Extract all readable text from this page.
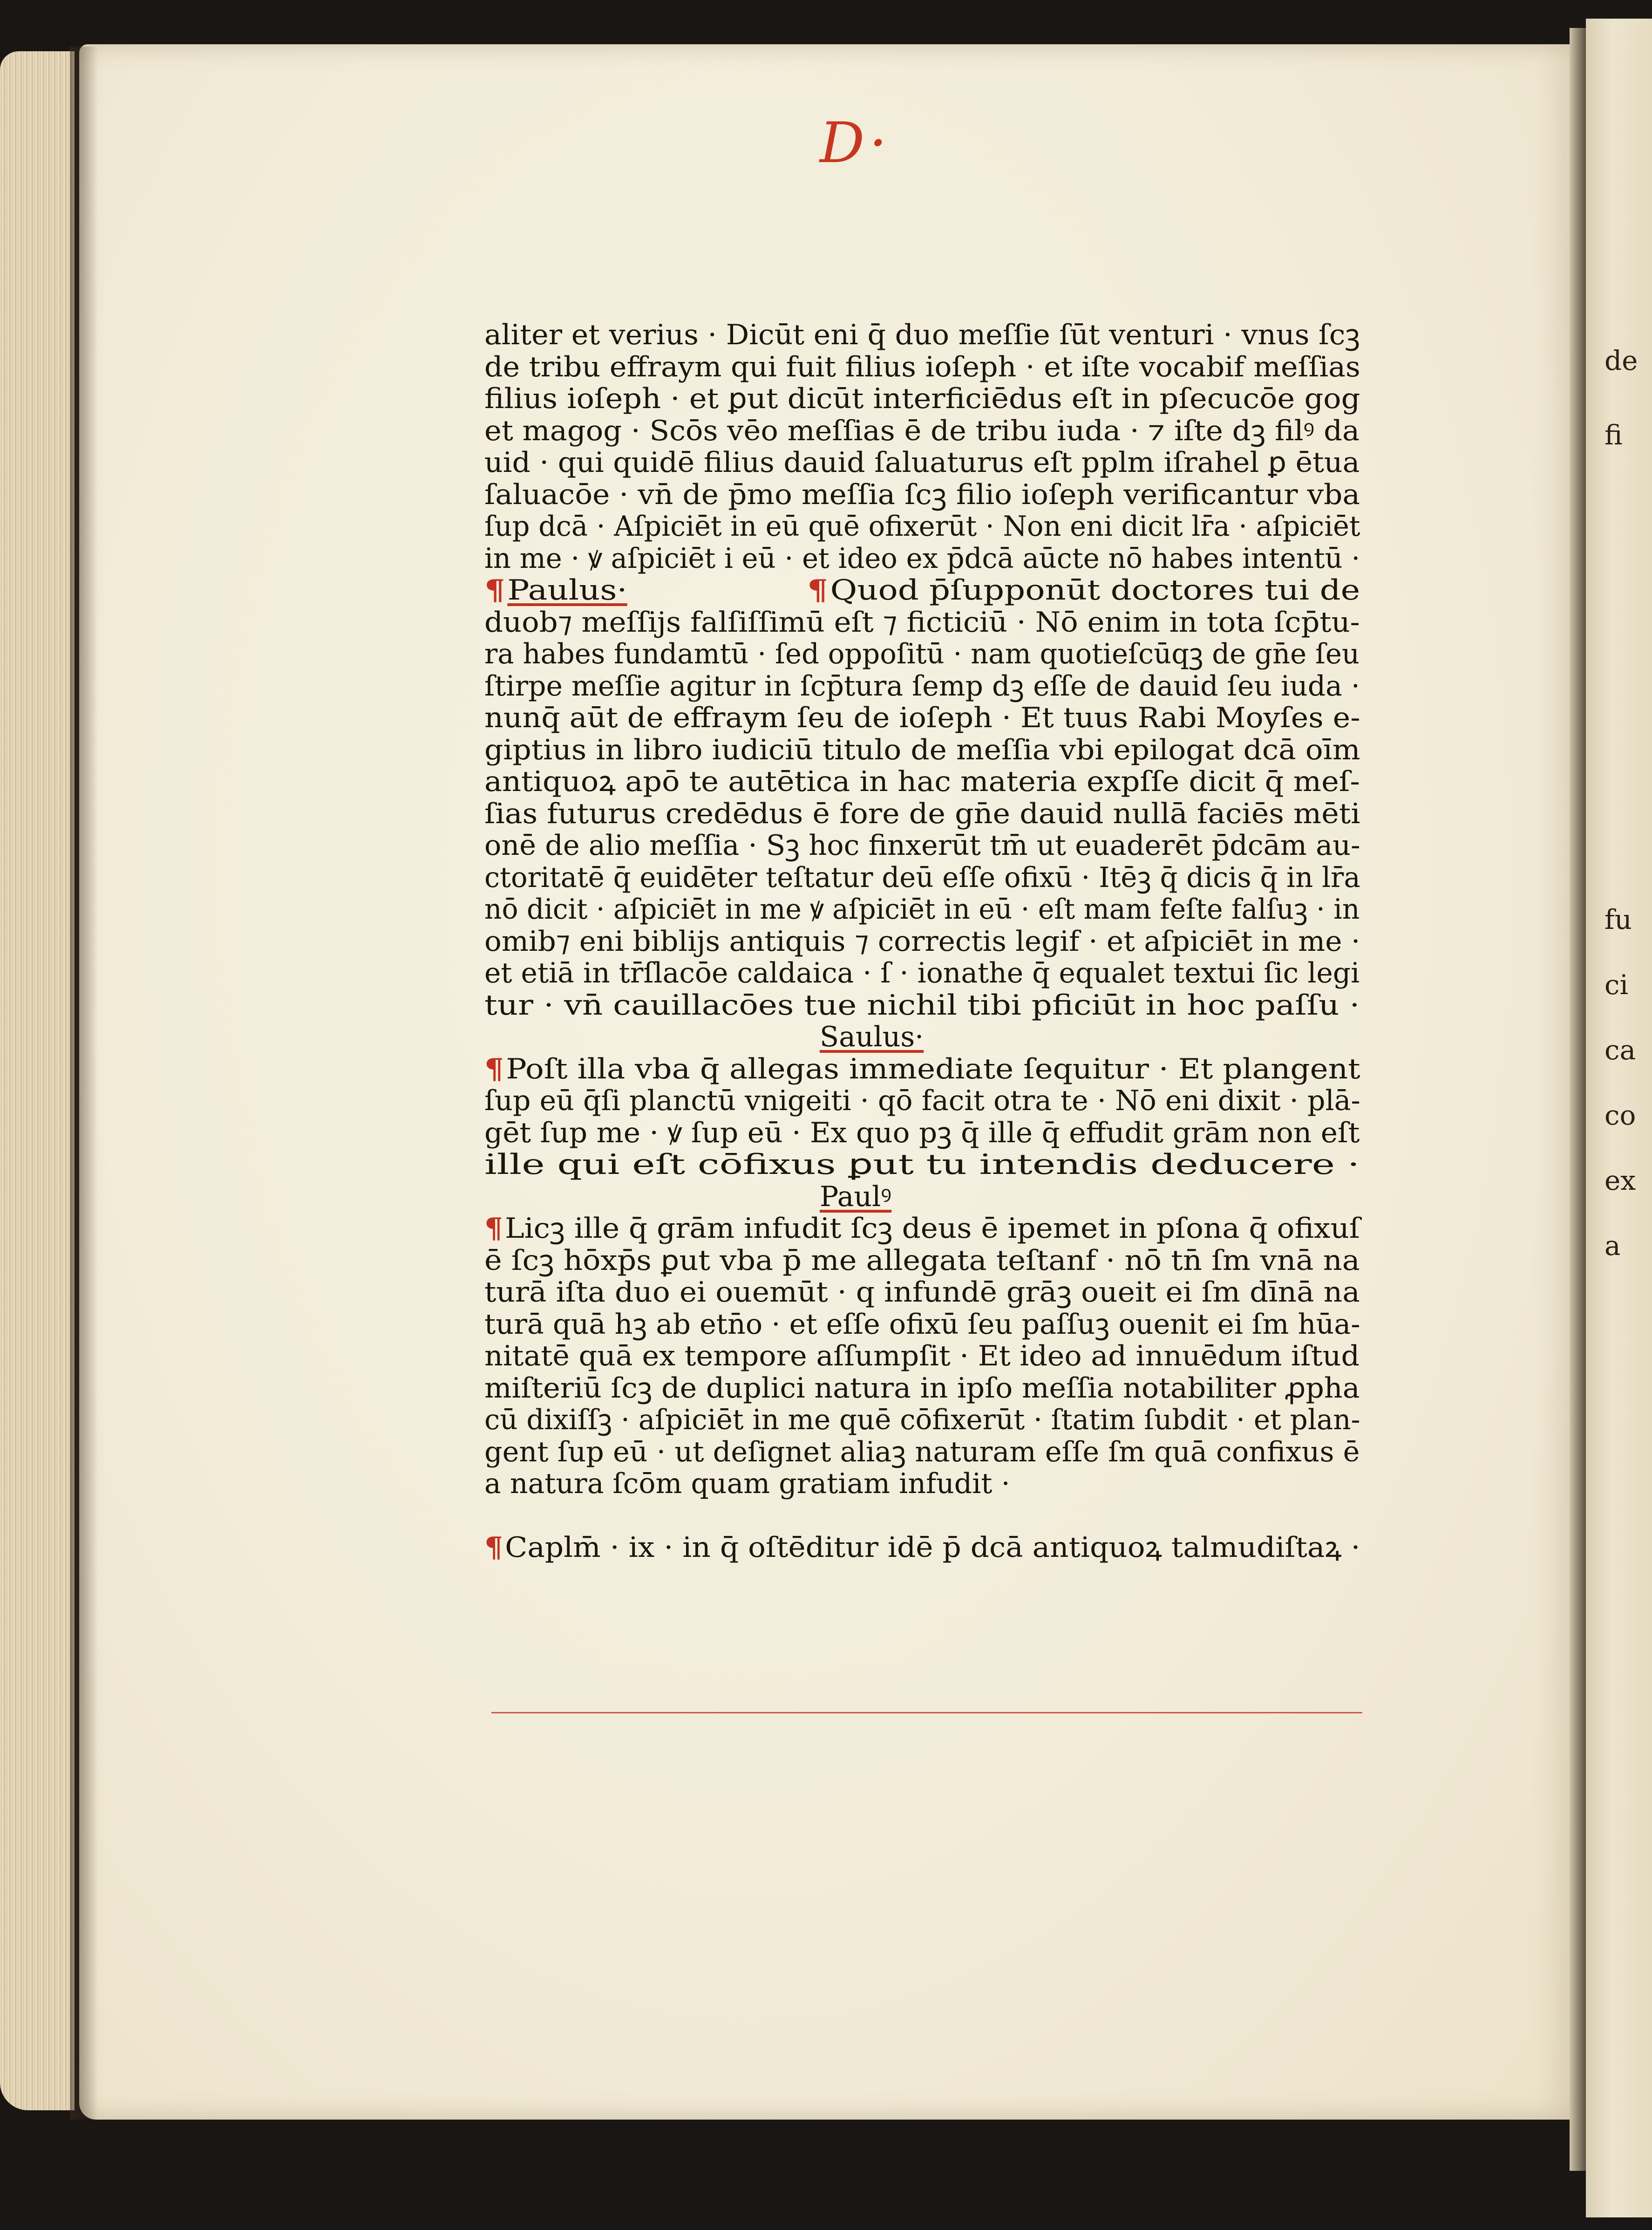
de
fi
fu
ci
ca
co
ex
a
D·
aliter et verius · Dicūt eni q̄ duo meſſie ſūt venturi · vnus ſcꝫ
de tribu effraym qui fuit filius ioſeph · et iſte vocabif meſſias
filius ioſeph · et ꝑut dicūt interficiēdus eſt in pſecucōe gog
et magog · Scōs vēo meſſias ē de tribu iuda · ⁊ iſte dꝫ filꝰ da
uid · qui quidē filius dauid ſaluaturus eſt pplm iſrahel ꝑ ētua
ſaluacōe · vn̄ de p̄mo meſſia ſcꝫ filio ioſeph verificantur vba
ſup dcā · Aſpiciēt in eū quē ofixerūt · Non eni dicit lr̄a · aſpiciēt
in me · ꝟ aſpiciēt i eū · et ideo ex p̄dcā aūcte nō habes intentū ·
¶Paulus·	¶Quod p̄ſupponūt doctores tui de
duob⁊ meſſijs falſiſſimū eſt ⁊ ficticiū · Nō enim in tota ſcp̄tu-
ra habes fundamtū · ſed oppoſitū · nam quotieſcūqꝫ de gn̄e ſeu
ſtirpe meſſie agitur in ſcp̄tura ſemp dꝫ eſſe de dauid ſeu iuda ·
nunq̄ aūt de effraym ſeu de ioſeph · Et tuus Rabi Moyſes e-
giptius in libro iudiciū titulo de meſſia vbi epilogat dcā oīm
antiquoꝝ apō te autētica in hac materia expſſe dicit q̄ meſ-
ſias futurus credēdus ē fore de gn̄e dauid nullā faciēs mēti
onē de alio meſſia · Sꝫ hoc finxerūt tm̄ ut euaderēt p̄dcām au-
ctoritatē q̄ euidēter teſtatur deū eſſe ofixū · Itēꝫ q̄ dicis q̄ in lr̄a
nō dicit · aſpiciēt in me ꝟ aſpiciēt in eū · eſt mam feſte falſuꝫ · in
omib⁊ eni biblijs antiquis ⁊ correctis legif · et aſpiciēt in me ·
et etiā in tr̄ſlacōe caldaica · ſ · ionathe q̄ equalet textui ſic legi
tur · vn̄ cauillacōes tue nichil tibi pficiūt in hoc paſſu ·
Saulus·
¶Poſt illa vba q̄ allegas immediate ſequitur · Et plangent
ſup eū q̄ſi planctū vnigeiti · qō facit otra te · Nō eni dixit · plā-
gēt ſup me · ꝟ ſup eū · Ex quo pꝫ q̄ ille q̄ effudit grām non eſt
ille qui eſt cōfixus ꝑut tu intendis deducere ·
Paulꝰ
¶Licꝫ ille q̄ grām infudit ſcꝫ deus ē ipemet in pſona q̄ ofixuſ
ē ſcꝫ hōxp̄s ꝑut vba p̄ me allegata teſtanf · nō tn̄ ſm vnā na
turā iſta duo ei ouemūt · q infundē grāꝫ oueit ei ſm dīnā na
turā quā hꝫ ab etn̄o · et eſſe ofixū ſeu paſſuꝫ ouenit ei ſm hūa-
nitatē quā ex tempore aſſumpſit · Et ideo ad innuēdum iſtud
miſteriū ſcꝫ de duplici natura in ipſo meſſia notabiliter ꝓpha
cū dixiſſꝫ · aſpiciēt in me quē cōfixerūt · ſtatim ſubdit · et plan-
gent ſup eū · ut deſignet aliaꝫ naturam eſſe ſm quā confixus ē
a natura ſcōm quam gratiam infudit ·
¶Caplm̄ · ix · in q̄ oſtēditur idē p̄ dcā antiquoꝝ talmudiſtaꝝ ·
